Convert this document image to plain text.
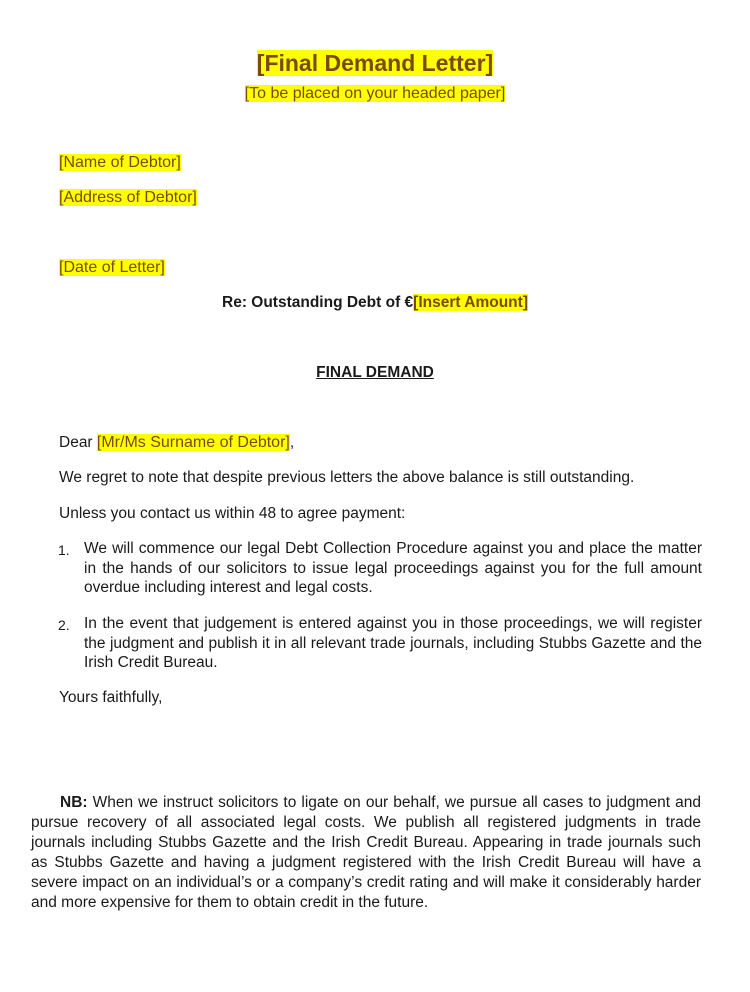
[Final Demand Letter]
[To be placed on your headed paper]
[Name of Debtor]
[Address of Debtor]
[Date of Letter]
Re: Outstanding Debt of €[Insert Amount]
FINAL DEMAND
Dear [Mr/Ms Surname of Debtor],
We regret to note that despite previous letters the above balance is still outstanding.
Unless you contact us within 48 to agree payment:
1. We will commence our legal Debt Collection Procedure against you and place the matter in the hands of our solicitors to issue legal proceedings against you for the full amount overdue including interest and legal costs.
2. In the event that judgement is entered against you in those proceedings, we will register the judgment and publish it in all relevant trade journals, including Stubbs Gazette and the Irish Credit Bureau.
Yours faithfully,
NB: When we instruct solicitors to ligate on our behalf, we pursue all cases to judgment and pursue recovery of all associated legal costs. We publish all registered judgments in trade journals including Stubbs Gazette and the Irish Credit Bureau. Appearing in trade journals such as Stubbs Gazette and having a judgment registered with the Irish Credit Bureau will have a severe impact on an individual’s or a company’s credit rating and will make it considerably harder and more expensive for them to obtain credit in the future.
